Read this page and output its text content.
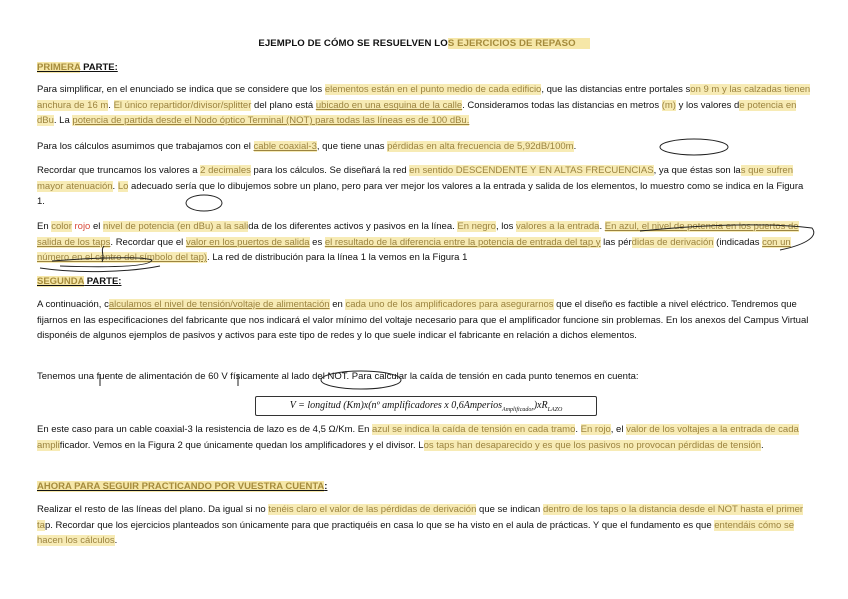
EJEMPLO DE CÓMO SE RESUELVEN LOS EJERCICIOS DE REPASO
PRIMERA PARTE:
Para simplificar, en el enunciado se indica que se considere que los elementos están en el punto medio de cada edificio, que las distancias entre portales son 9 m y las calzadas tienen anchura de 16 m. El único repartidor/divisor/splitter del plano está ubicado en una esquina de la calle. Consideramos todas las distancias en metros (m) y los valores de potencia en dBu. La potencia de partida desde el Nodo óptico Terminal (NOT) para todas las líneas es de 100 dBu.
Para los cálculos asumimos que trabajamos con el cable coaxial-3, que tiene unas pérdidas en alta frecuencia de 5,92dB/100m.
Recordar que truncamos los valores a 2 decimales para los cálculos. Se diseñará la red en sentido DESCENDENTE Y EN ALTAS FRECUENCIAS, ya que éstas son las que sufren mayor atenuación. Lo adecuado sería que lo dibujemos sobre un plano, pero para ver mejor los valores a la entrada y salida de los elementos, lo muestro como se indica en la Figura 1.
En color rojo el nivel de potencia (en dBu) a la salida de los diferentes activos y pasivos en la línea. En negro, los valores a la entrada. En azul, el nivel de potencia en los puertos de salida de los taps. Recordar que el valor en los puertos de salida es el resultado de la diferencia entre la potencia de entrada del tap y las pérdidas de derivación (indicadas con un número en el centro del símbolo del tap). La red de distribución para la línea 1 la vemos en la Figura 1
SEGUNDA PARTE:
A continuación, calculamos el nivel de tensión/voltaje de alimentación en cada uno de los amplificadores para asegurarnos que el diseño es factible a nivel eléctrico. Tendremos que fijarnos en las especificaciones del fabricante que nos indicará el valor mínimo del voltaje necesario para que el amplificador funcione sin problemas. En los anexos del Campus Virtual disponéis de algunos ejemplos de pasivos y activos para este tipo de redes y lo que suele indicar el fabricante en relación a dichos elementos.
Tenemos una fuente de alimentación de 60 V físicamente al lado del NOT. Para calcular la caída de tensión en cada punto tenemos en cuenta:
V = longitud (Km)x(nº amplificadores x $0,6Amperios_{Amplificador})xR_{LAZO}$
En este caso para un cable coaxial-3 la resistencia de lazo es de 4,5 Ω/Km. En azul se indica la caída de tensión en cada tramo. En rojo, el valor de los voltajes a la entrada de cada amplificador. Vemos en la Figura 2 que únicamente quedan los amplificadores y el divisor. Los taps han desaparecido y es que los pasivos no provocan pérdidas de tensión.
AHORA PARA SEGUIR PRACTICANDO POR VUESTRA CUENTA:
Realizar el resto de las líneas del plano. Da igual si no tenéis claro el valor de las pérdidas de derivación que se indican dentro de los taps o la distancia desde el NOT hasta el primer tap. Recordar que los ejercicios planteados son únicamente para que practiquéis en casa lo que se ha visto en el aula de prácticas. Y que el fundamento es que entendáis cómo se hacen los cálculos.
